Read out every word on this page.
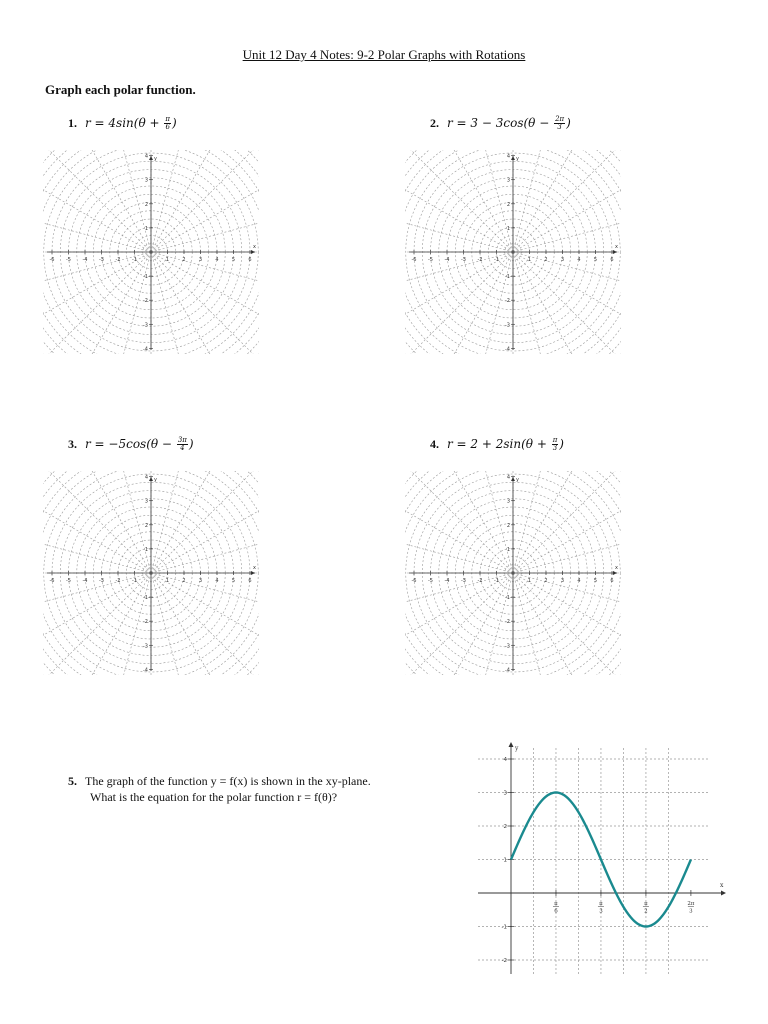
Unit 12 Day 4 Notes: 9-2 Polar Graphs with Rotations
Graph each polar function.
1. $r = 4\sin(\theta + \frac{\pi}{6}$ )	2. $r = 3 - 3\cos(\theta - \frac{2\pi}{3}$ )
3. $r = -5\cos(\theta - \frac{3\pi}{4}$ )	4. $r = 2 + 2\sin(\theta + \frac{\pi}{3}$ )
x
y
-6 -5 -4 -3 -2 -1	1	2	3	4	5	6
4
3
2
1
-1
-2
-3
-4
x
y
-6 -5 -4 -3 -2 -1	1	2	3	4	5	6
4
3
2
1
-1
-2
-3
-4
x
y
-6 -5 -4 -3 -2 -1	1	2	3	4	5	6
4
3
2
1
-1
-2
-3
-4
x
y
-6 -5 -4 -3 -2 -1	1	2	3	4	5	6
4
3
2
1
-1
-2
-3
-4
5. The graph of the function y = f(x) is shown in the xy-plane.
What is the equation for the polar function r = f(θ)?
x
y
4
3
2
1
-1
-2
π
6
π
3
π
2
2π
3
